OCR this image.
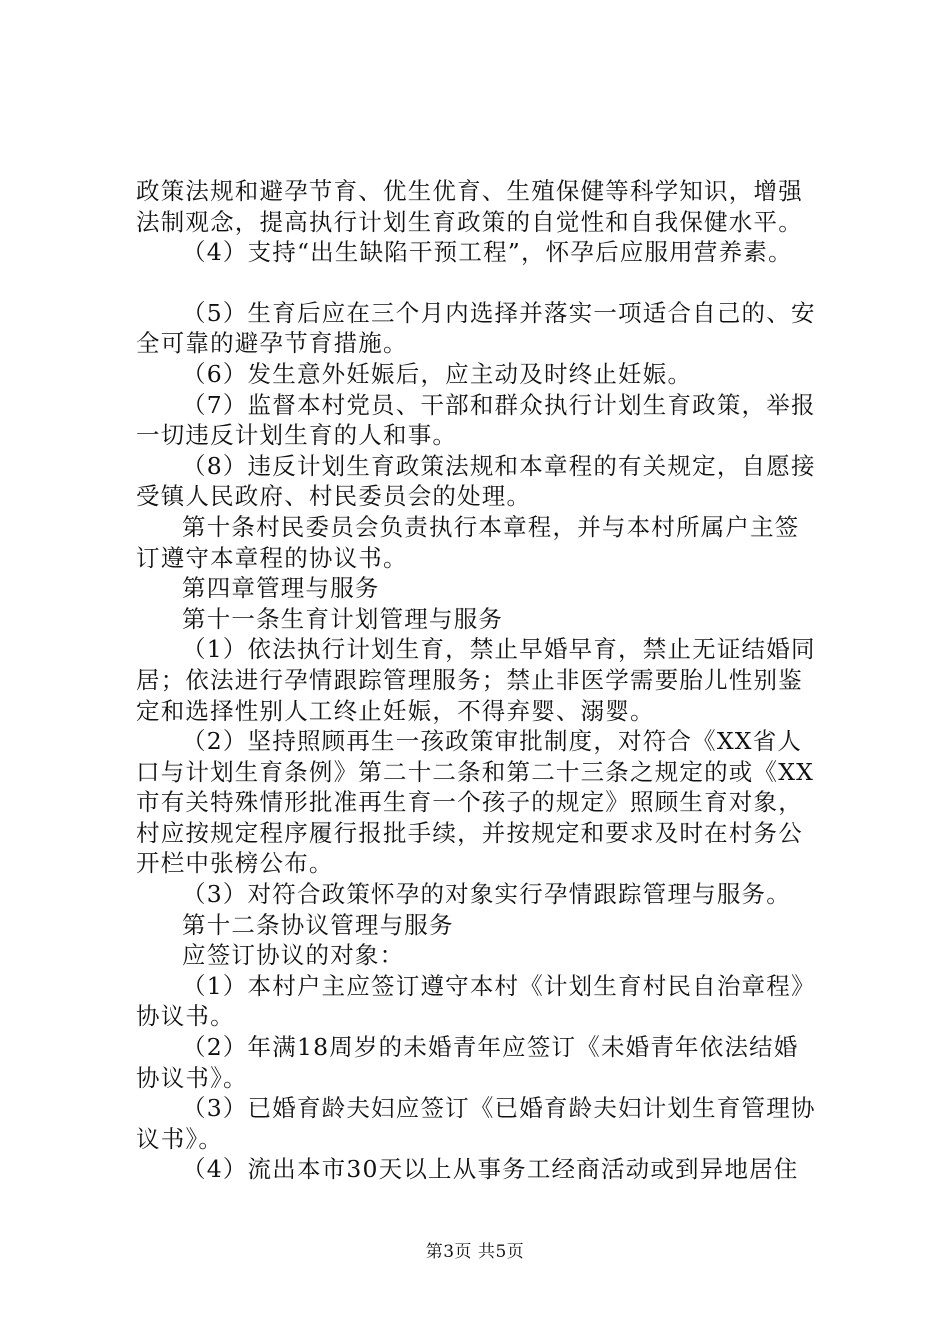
政策法规和避孕节育、优生优育、生殖保健等科学知识，增强
法制观念，提高执行计划生育政策的自觉性和自我保健水平。
（4）支持“出生缺陷干预工程”，怀孕后应服用营养素。
（5）生育后应在三个月内选择并落实一项适合自己的、安
全可靠的避孕节育措施。
（6）发生意外妊娠后，应主动及时终止妊娠。
（7）监督本村党员、干部和群众执行计划生育政策，举报
一切违反计划生育的人和事。
（8）违反计划生育政策法规和本章程的有关规定，自愿接
受镇人民政府、村民委员会的处理。
第十条村民委员会负责执行本章程，并与本村所属户主签
订遵守本章程的协议书。
第四章管理与服务
第十一条生育计划管理与服务
（1）依法执行计划生育，禁止早婚早育，禁止无证结婚同
居；依法进行孕情跟踪管理服务；禁止非医学需要胎儿性别鉴
定和选择性别人工终止妊娠，不得弃婴、溺婴。
（2）坚持照顾再生一孩政策审批制度，对符合《XX省人
口与计划生育条例》第二十二条和第二十三条之规定的或《XX
市有关特殊情形批准再生育一个孩子的规定》照顾生育对象，
村应按规定程序履行报批手续，并按规定和要求及时在村务公
开栏中张榜公布。
（3）对符合政策怀孕的对象实行孕情跟踪管理与服务。
第十二条协议管理与服务
应签订协议的对象：
（1）本村户主应签订遵守本村《计划生育村民自治章程》
协议书。
（2）年满18周岁的未婚青年应签订《未婚青年依法结婚
协议书》。
（3）已婚育龄夫妇应签订《已婚育龄夫妇计划生育管理协
议书》。
（4）流出本市30天以上从事务工经商活动或到异地居住
第3页 共5页
